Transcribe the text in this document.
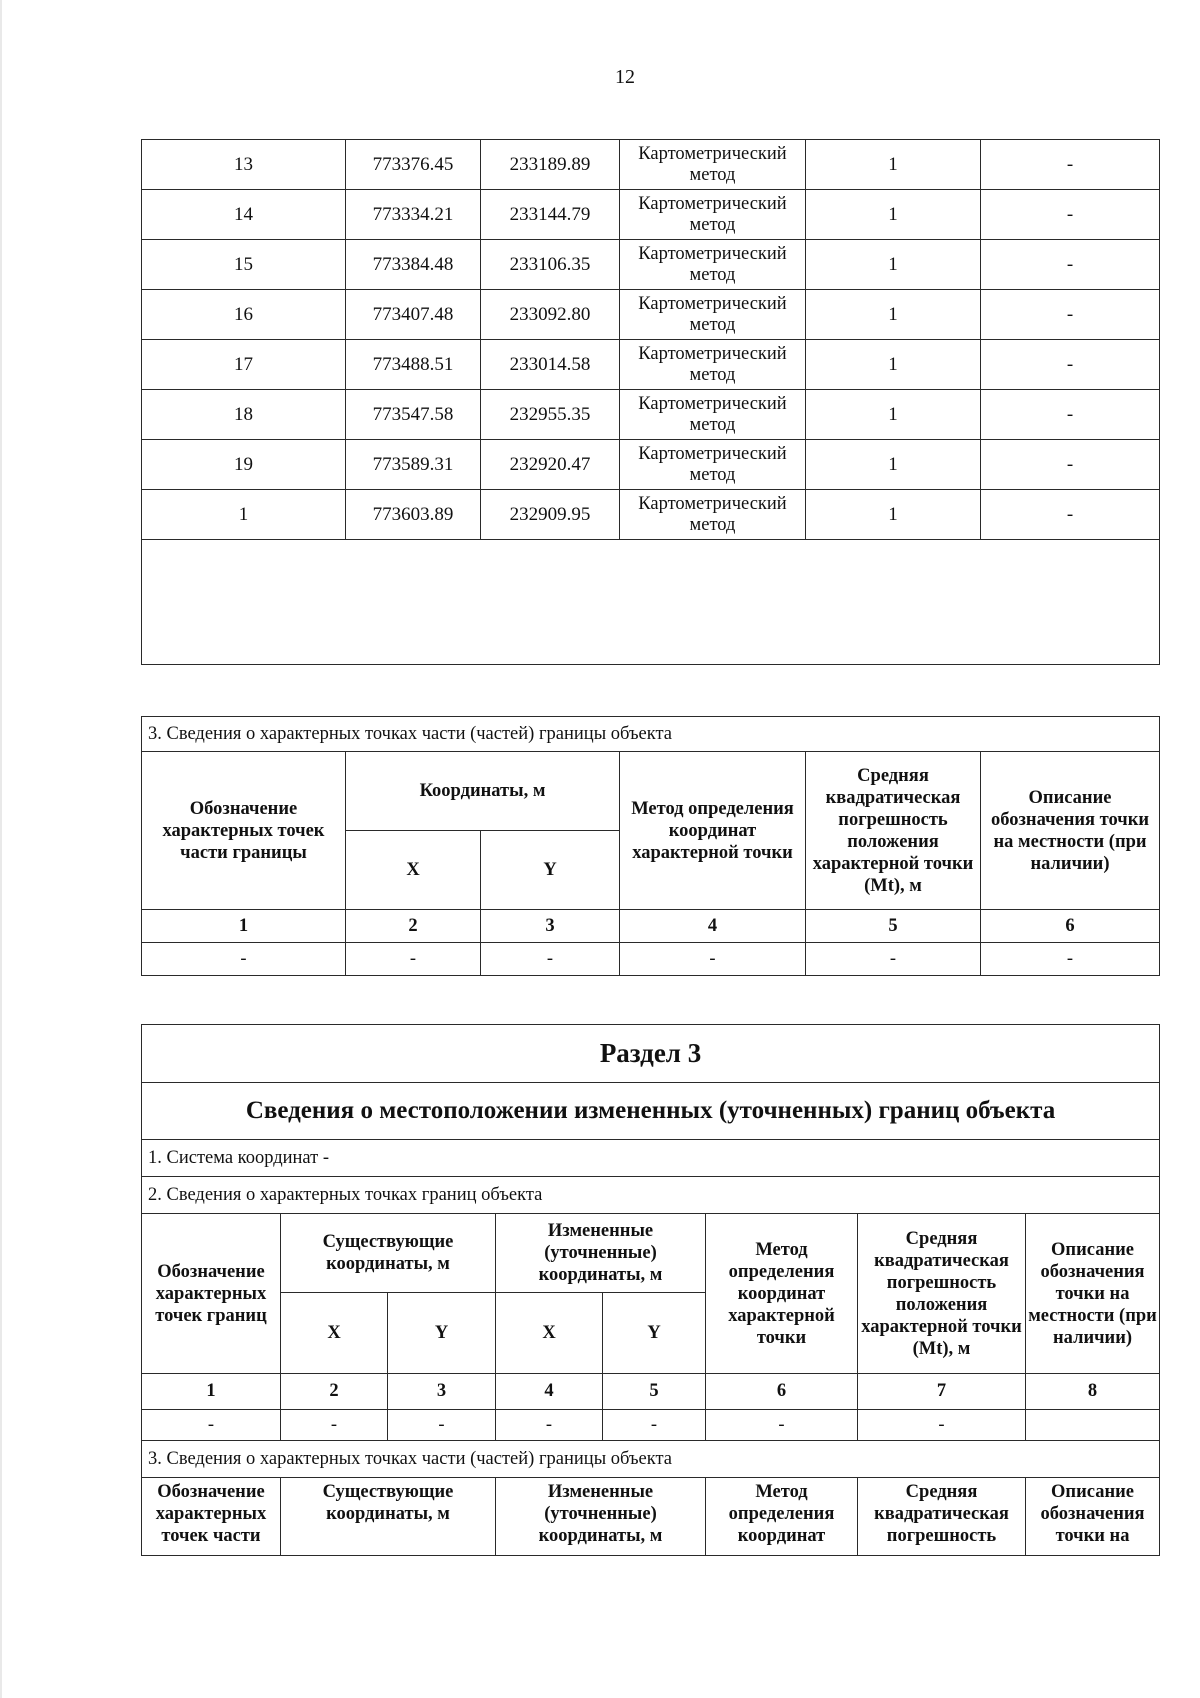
12
13	773376.45	233189.89	Картометрический метод	1	-
14	773334.21	233144.79	Картометрический метод	1	-
15	773384.48	233106.35	Картометрический метод	1	-
16	773407.48	233092.80	Картометрический метод	1	-
17	773488.51	233014.58	Картометрический метод	1	-
18	773547.58	232955.35	Картометрический метод	1	-
19	773589.31	232920.47	Картометрический метод	1	-
1	773603.89	232909.95	Картометрический метод	1	-

3. Сведения о характерных точках части (частей) границы объекта					
Обозначение характерных точек части границы	Координаты, м		Метод определения координат характерной точки	Средняя квадратическая погрешность положения характерной точки (Mt), м	Описание обозначения точки на местности (при наличии)
	X	Y			
1	2	3	4	5	6
-	-	-	-	-	-
Раздел 3							
Сведения о местоположении измененных (уточненных) границ объекта							
1. Система координат -							
2. Сведения о характерных точках границ объекта							
Обозначение характерных точек границ	Существующие координаты, м		Измененные (уточненные) координаты, м		Метод определения координат характерной точки	Средняя квадратическая погрешность положения характерной точки (Mt), м	Описание обозначения точки на местности (при наличии)
	X	Y	X	Y			
1	2	3	4	5	6	7	8
-	-	-	-	-	-	-	
3. Сведения о характерных точках части (частей) границы объекта							
Обозначение характерных точек части	Существующие координаты, м		Измененные (уточненные) координаты, м		Метод определения координат	Средняя квадратическая погрешность	Описание обозначения точки на
